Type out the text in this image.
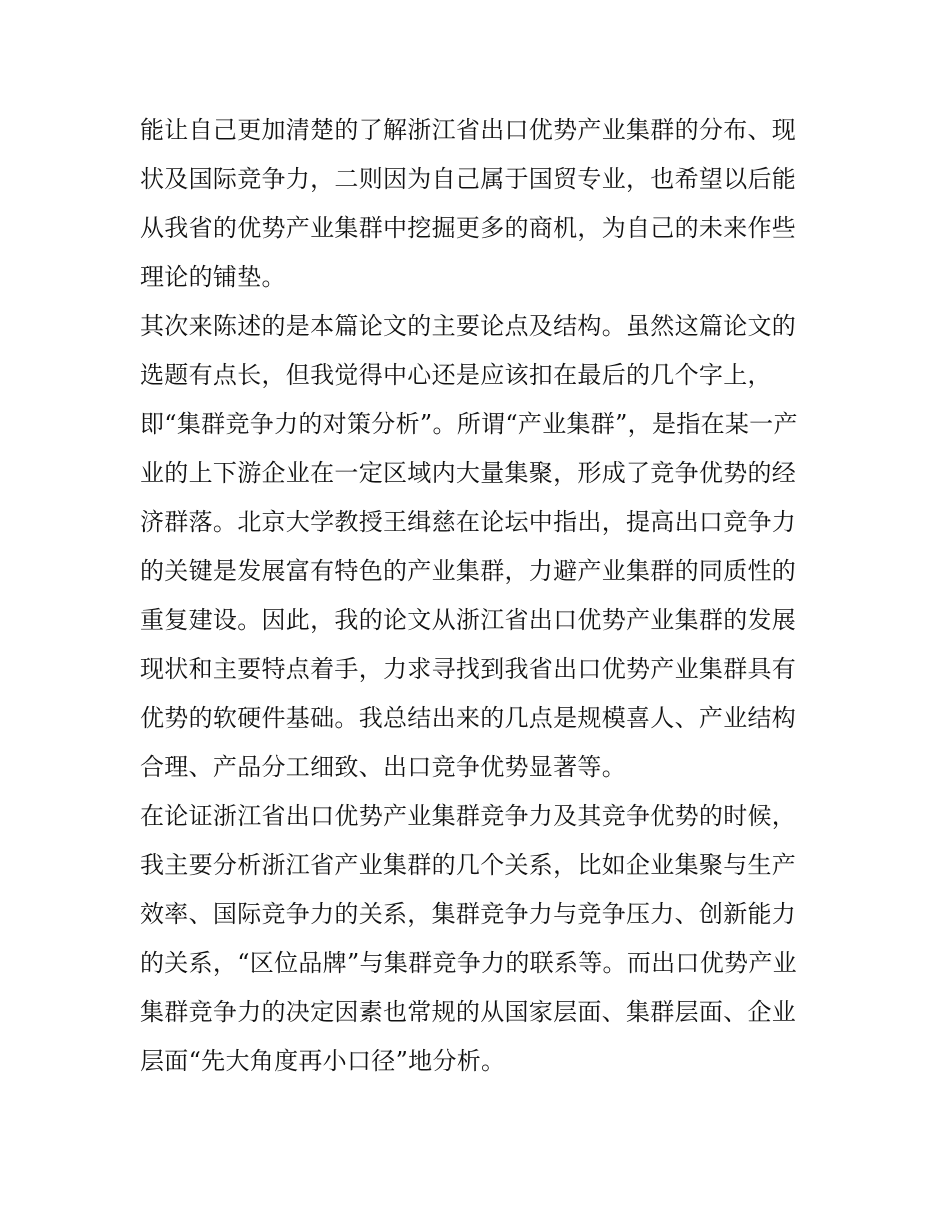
能让自己更加清楚的了解浙江省出口优势产业集群的分布、现
状及国际竞争力，二则因为自己属于国贸专业，也希望以后能
从我省的优势产业集群中挖掘更多的商机，为自己的未来作些
理论的铺垫。
其次来陈述的是本篇论文的主要论点及结构。虽然这篇论文的
选题有点长，但我觉得中心还是应该扣在最后的几个字上，
即“集群竞争力的对策分析”。所谓“产业集群”，是指在某一产
业的上下游企业在一定区域内大量集聚，形成了竞争优势的经
济群落。北京大学教授王缉慈在论坛中指出，提高出口竞争力
的关键是发展富有特色的产业集群，力避产业集群的同质性的
重复建设。因此，我的论文从浙江省出口优势产业集群的发展
现状和主要特点着手，力求寻找到我省出口优势产业集群具有
优势的软硬件基础。我总结出来的几点是规模喜人、产业结构
合理、产品分工细致、出口竞争优势显著等。
在论证浙江省出口优势产业集群竞争力及其竞争优势的时候，
我主要分析浙江省产业集群的几个关系，比如企业集聚与生产
效率、国际竞争力的关系，集群竞争力与竞争压力、创新能力
的关系，“区位品牌”与集群竞争力的联系等。而出口优势产业
集群竞争力的决定因素也常规的从国家层面、集群层面、企业
层面“先大角度再小口径”地分析。
